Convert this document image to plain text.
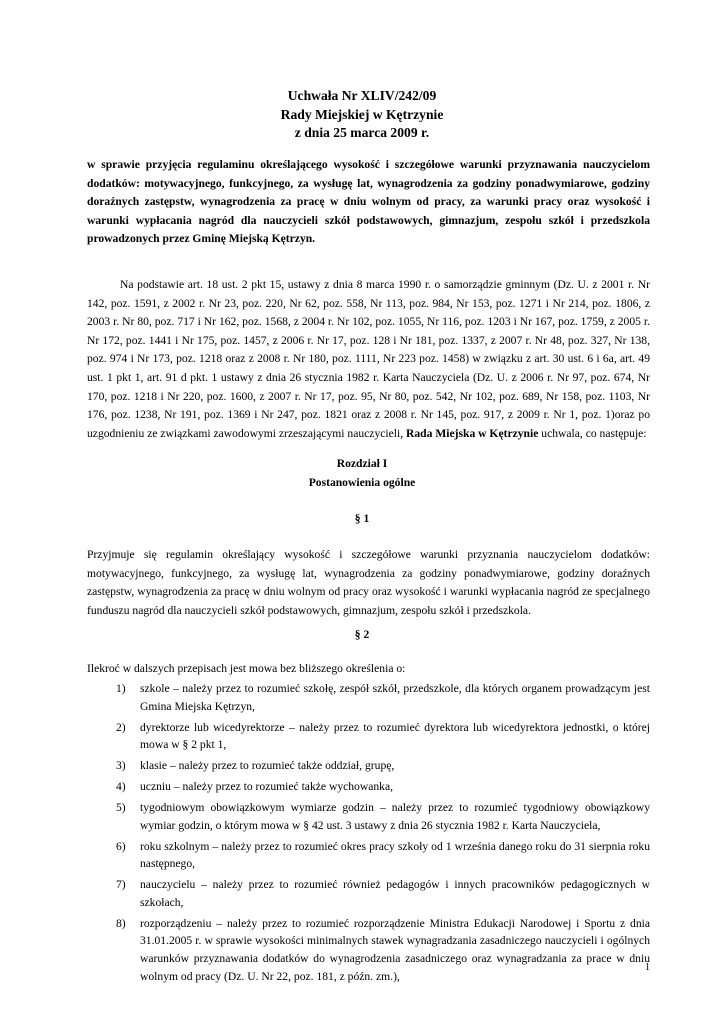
Uchwała Nr XLIV/242/09
Rady Miejskiej w Kętrzynie
z dnia 25 marca 2009 r.
w sprawie przyjęcia regulaminu określającego wysokość i szczegółowe warunki przyznawania nauczycielom dodatków: motywacyjnego, funkcyjnego, za wysługę lat, wynagrodzenia za godziny ponadwymiarowe, godziny doraźnych zastępstw, wynagrodzenia za pracę w dniu wolnym od pracy, za warunki pracy oraz wysokość i warunki wypłacania nagród dla nauczycieli szkół podstawowych, gimnazjum, zespołu szkół i przedszkola prowadzonych przez Gminę Miejską Kętrzyn.
Na podstawie art. 18 ust. 2 pkt 15, ustawy z dnia 8 marca 1990 r. o samorządzie gminnym (Dz. U. z 2001 r. Nr 142, poz. 1591, z 2002 r. Nr 23, poz. 220, Nr 62, poz. 558, Nr 113, poz. 984, Nr 153, poz. 1271 i Nr 214, poz. 1806, z 2003 r. Nr 80, poz. 717 i Nr 162, poz. 1568, z 2004 r. Nr 102, poz. 1055, Nr 116, poz. 1203 i Nr 167, poz. 1759, z 2005 r. Nr 172, poz. 1441 i Nr 175, poz. 1457, z 2006 r. Nr 17, poz. 128 i Nr 181, poz. 1337, z 2007 r. Nr 48, poz. 327, Nr 138, poz. 974 i Nr 173, poz. 1218 oraz z 2008 r. Nr 180, poz. 1111, Nr 223 poz. 1458) w związku z art. 30 ust. 6 i 6a, art. 49 ust. 1 pkt 1, art. 91 d pkt. 1 ustawy z dnia 26 stycznia 1982 r. Karta Nauczyciela (Dz. U. z 2006 r. Nr 97, poz. 674, Nr 170, poz. 1218 i Nr 220, poz. 1600, z 2007 r. Nr 17, poz. 95, Nr 80, poz. 542, Nr 102, poz. 689, Nr 158, poz. 1103, Nr 176, poz. 1238, Nr 191, poz. 1369 i Nr 247, poz. 1821 oraz z 2008 r. Nr 145, poz. 917, z 2009 r. Nr 1, poz. 1)oraz po uzgodnieniu ze związkami zawodowymi zrzeszającymi nauczycieli, Rada Miejska w Kętrzynie uchwala, co następuje:
Rozdział I
Postanowienia ogólne
§ 1
Przyjmuje się regulamin określający wysokość i szczegółowe warunki przyznania nauczycielom dodatków: motywacyjnego, funkcyjnego, za wysługę lat, wynagrodzenia za godziny ponadwymiarowe, godziny doraźnych zastępstw, wynagrodzenia za pracę w dniu wolnym od pracy oraz wysokość i warunki wypłacania nagród ze specjalnego funduszu nagród dla nauczycieli szkół podstawowych, gimnazjum, zespołu szkół i przedszkola.
§ 2
Ilekroć w dalszych przepisach jest mowa bez bliższego określenia o:
1) szkole – należy przez to rozumieć szkołę, zespół szkół, przedszkole, dla których organem prowadzącym jest Gmina Miejska Kętrzyn,
2) dyrektorze lub wicedyrektorze – należy przez to rozumieć dyrektora lub wicedyrektora jednostki, o której mowa w § 2 pkt 1,
3) klasie – należy przez to rozumieć także oddział, grupę,
4) uczniu – należy przez to rozumieć także wychowanka,
5) tygodniowym obowiązkowym wymiarze godzin – należy przez to rozumieć tygodniowy obowiązkowy wymiar godzin, o którym mowa w § 42 ust. 3 ustawy z dnia 26 stycznia 1982 r. Karta Nauczyciela,
6) roku szkolnym – należy przez to rozumieć okres pracy szkoły od 1 września danego roku do 31 sierpnia roku następnego,
7) nauczycielu – należy przez to rozumieć również pedagogów i innych pracowników pedagogicznych w szkołach,
8) rozporządzeniu – należy przez to rozumieć rozporządzenie Ministra Edukacji Narodowej i Sportu z dnia 31.01.2005 r. w sprawie wysokości minimalnych stawek wynagradzania zasadniczego nauczycieli i ogólnych warunków przyznawania dodatków do wynagrodzenia zasadniczego oraz wynagradzania za prace w dniu wolnym od pracy (Dz. U. Nr 22, poz. 181, z późn. zm.),
1
